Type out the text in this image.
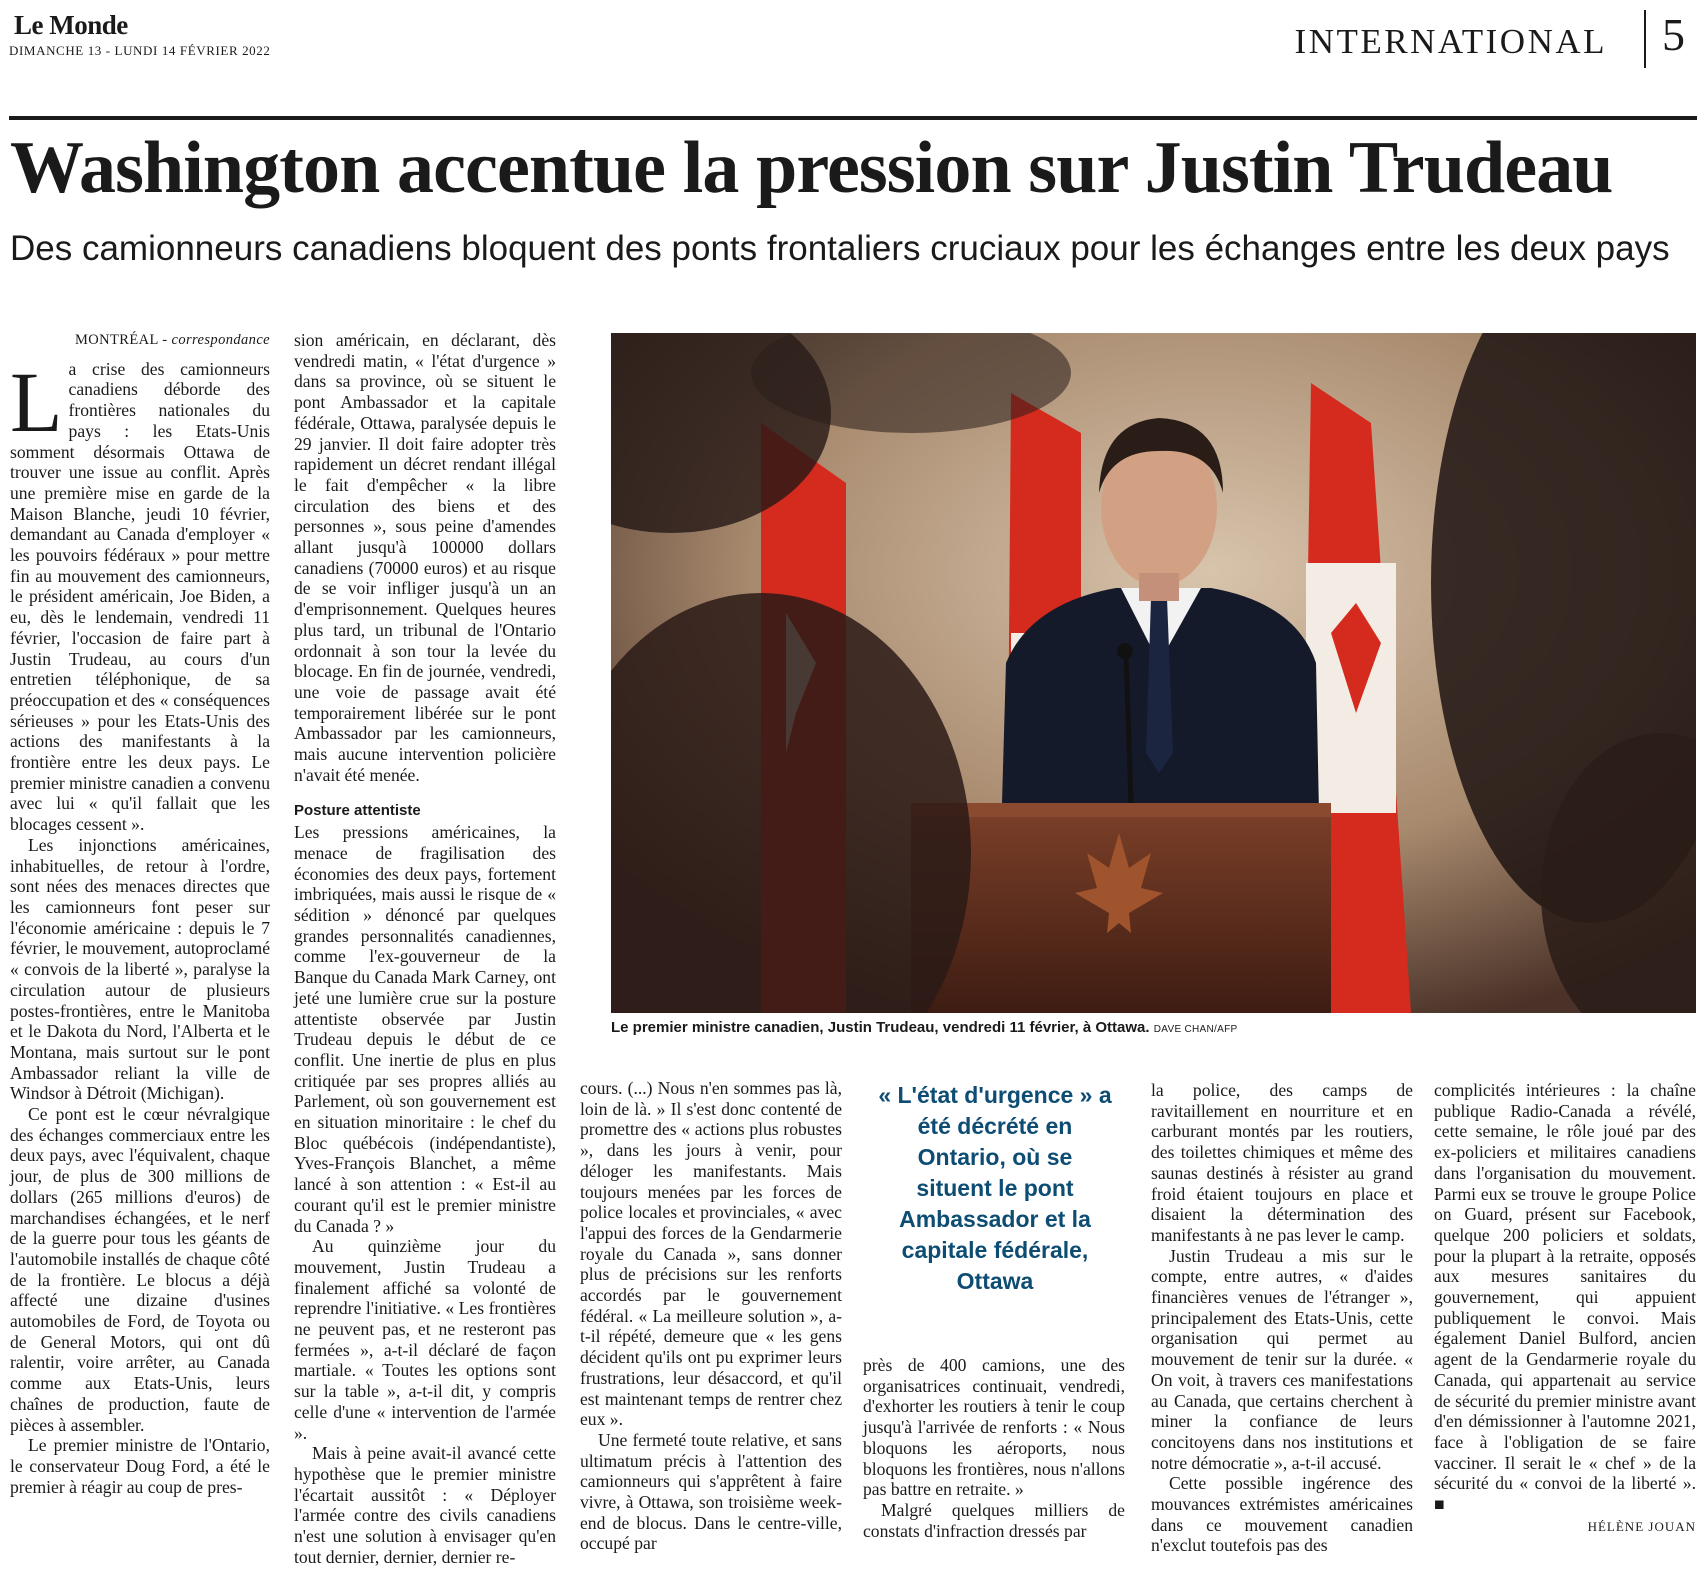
Le Monde
DIMANCHE 13 - LUNDI 14 FÉVRIER 2022	INTERNATIONAL 5
Washington accentue la pression sur Justin Trudeau
Des camionneurs canadiens bloquent des ponts frontaliers cruciaux pour les échanges entre les deux pays

MONTRÉAL - correspondance

La crise des camionneurs canadiens déborde des frontières nationales du pays : les Etats-Unis somment désormais Ottawa de trouver une issue au conflit. Après une première mise en garde de la Maison Blanche, jeudi 10 février, demandant au Canada d'employer « les pouvoirs fédéraux » pour mettre fin au mouvement des camionneurs, le président américain, Joe Biden, a eu, dès le lendemain, vendredi 11 février, l'occasion de faire part à Justin Trudeau, au cours d'un entretien téléphonique, de sa préoccupation et des « conséquences sérieuses » pour les Etats-Unis des actions des manifestants à la frontière entre les deux pays. Le premier ministre canadien a convenu avec lui « qu'il fallait que les blocages cessent ».

Les injonctions américaines, inhabituelles, de retour à l'ordre, sont nées des menaces directes que les camionneurs font peser sur l'économie américaine : depuis le 7 février, le mouvement, autoproclamé « convois de la liberté », paralyse la circulation autour de plusieurs postes-frontières, entre le Manitoba et le Dakota du Nord, l'Alberta et le Montana, mais surtout sur le pont Ambassador reliant la ville de Windsor à Détroit (Michigan).

Ce pont est le cœur névralgique des échanges commerciaux entre les deux pays, avec l'équivalent, chaque jour, de plus de 300 millions de dollars (265 millions d'euros) de marchandises échangées, et le nerf de la guerre pour tous les géants de l'automobile installés de chaque côté de la frontière. Le blocus a déjà affecté une dizaine d'usines automobiles de Ford, de Toyota ou de General Motors, qui ont dû ralentir, voire arrêter, au Canada comme aux Etats-Unis, leurs chaînes de production, faute de pièces à assembler.

Le premier ministre de l'Ontario, le conservateur Doug Ford, a été le premier à réagir au coup de pres-

sion américain, en déclarant, dès vendredi matin, « l'état d'urgence » dans sa province, où se situent le pont Ambassador et la capitale fédérale, Ottawa, paralysée depuis le 29 janvier. Il doit faire adopter très rapidement un décret rendant illégal le fait d'empêcher « la libre circulation des biens et des personnes », sous peine d'amendes allant jusqu'à 100000 dollars canadiens (70000 euros) et au risque de se voir infliger jusqu'à un an d'emprisonnement. Quelques heures plus tard, un tribunal de l'Ontario ordonnait à son tour la levée du blocage. En fin de journée, vendredi, une voie de passage avait été temporairement libérée sur le pont Ambassador par les camionneurs, mais aucune intervention policière n'avait été menée.

Posture attentiste

Les pressions américaines, la menace de fragilisation des économies des deux pays, fortement imbriquées, mais aussi le risque de « sédition » dénoncé par quelques grandes personnalités canadiennes, comme l'ex-gouverneur de la Banque du Canada Mark Carney, ont jeté une lumière crue sur la posture attentiste observée par Justin Trudeau depuis le début de ce conflit. Une inertie de plus en plus critiquée par ses propres alliés au Parlement, où son gouvernement est en situation minoritaire : le chef du Bloc québécois (indépendantiste), Yves-François Blanchet, a même lancé à son attention : « Est-il au courant qu'il est le premier ministre du Canada ? »

Au quinzième jour du mouvement, Justin Trudeau a finalement affiché sa volonté de reprendre l'initiative. « Les frontières ne peuvent pas, et ne resteront pas fermées », a-t-il déclaré de façon martiale. « Toutes les options sont sur la table », a-t-il dit, y compris celle d'une « intervention de l'armée ».

Mais à peine avait-il avancé cette hypothèse que le premier ministre l'écartait aussitôt : « Déployer l'armée contre des civils canadiens n'est une solution à envisager qu'en tout dernier, dernier, dernier re-

Le premier ministre canadien, Justin Trudeau, vendredi 11 février, à Ottawa. DAVE CHAN/AFP

cours. (...) Nous n'en sommes pas là, loin de là. » Il s'est donc contenté de promettre des « actions plus robustes », dans les jours à venir, pour déloger les manifestants. Mais toujours menées par les forces de police locales et provinciales, « avec l'appui des forces de la Gendarmerie royale du Canada », sans donner plus de précisions sur les renforts accordés par le gouvernement fédéral. « La meilleure solution », a-t-il répété, demeure que « les gens décident qu'ils ont pu exprimer leurs frustrations, leur désaccord, et qu'il est maintenant temps de rentrer chez eux ».

Une fermeté toute relative, et sans ultimatum précis à l'attention des camionneurs qui s'apprêtent à faire vivre, à Ottawa, son troisième week-end de blocus. Dans le centre-ville, occupé par

« L'état d'urgence » a été décrété en Ontario, où se situent le pont Ambassador et la capitale fédérale, Ottawa

près de 400 camions, une des organisatrices continuait, vendredi, d'exhorter les routiers à tenir le coup jusqu'à l'arrivée de renforts : « Nous bloquons les aéroports, nous bloquons les frontières, nous n'allons pas battre en retraite. »

Malgré quelques milliers de constats d'infraction dressés par

la police, des camps de ravitaillement en nourriture et en carburant montés par les routiers, des toilettes chimiques et même des saunas destinés à résister au grand froid étaient toujours en place et disaient la détermination des manifestants à ne pas lever le camp.

Justin Trudeau a mis sur le compte, entre autres, « d'aides financières venues de l'étranger », principalement des Etats-Unis, cette organisation qui permet au mouvement de tenir sur la durée. « On voit, à travers ces manifestations au Canada, que certains cherchent à miner la confiance de leurs concitoyens dans nos institutions et notre démocratie », a-t-il accusé.

Cette possible ingérence des mouvances extrémistes américaines dans ce mouvement canadien n'exclut toutefois pas des

complicités intérieures : la chaîne publique Radio-Canada a révélé, cette semaine, le rôle joué par des ex-policiers et militaires canadiens dans l'organisation du mouvement. Parmi eux se trouve le groupe Police on Guard, présent sur Facebook, quelque 200 policiers et soldats, pour la plupart à la retraite, opposés aux mesures sanitaires du gouvernement, qui appuient publiquement le convoi. Mais également Daniel Bulford, ancien agent de la Gendarmerie royale du Canada, qui appartenait au service de sécurité du premier ministre avant d'en démissionner à l'automne 2021, face à l'obligation de se faire vacciner. Il serait le « chef » de la sécurité du « convoi de la liberté ». ■

HÉLÈNE JOUAN
